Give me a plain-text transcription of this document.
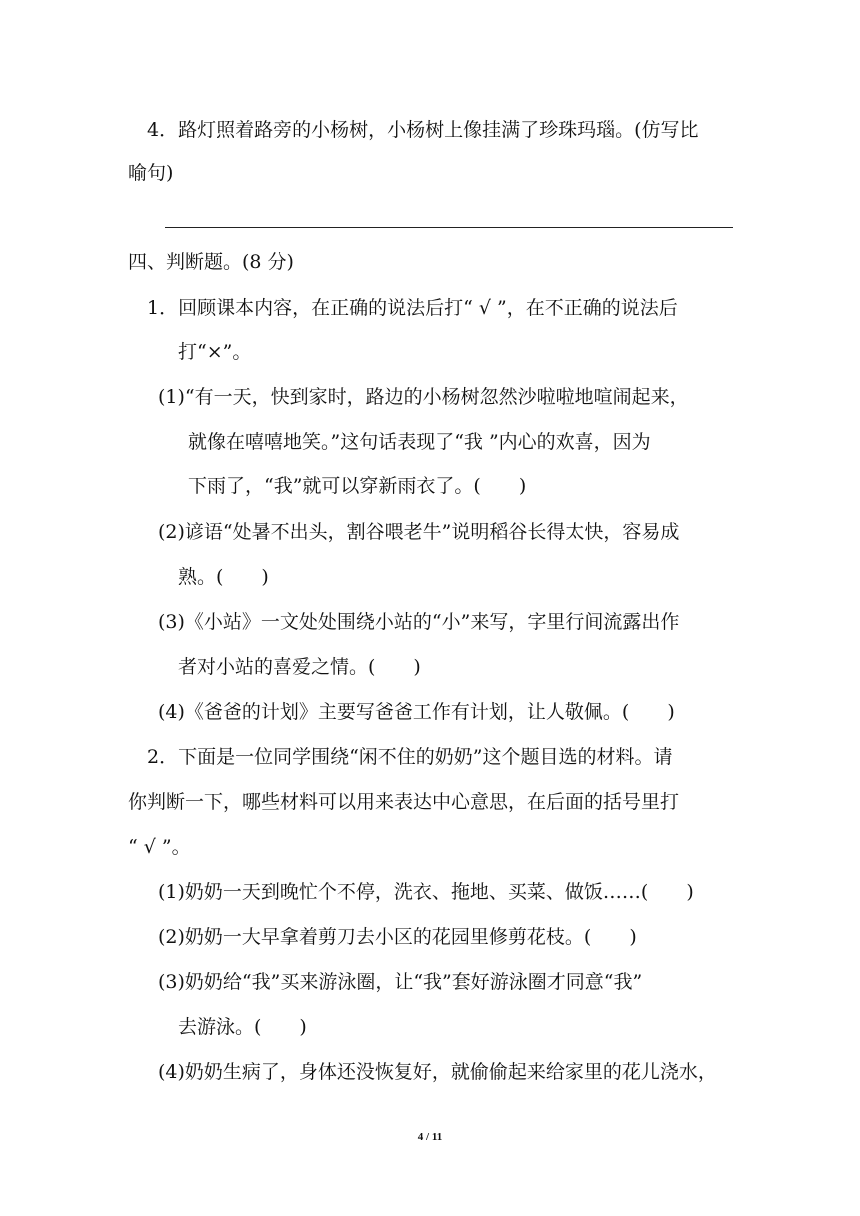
4．路灯照着路旁的小杨树，小杨树上像挂满了珍珠玛瑙。(仿写比

喻句)

四、判断题。(8 分)

1．回顾课本内容，在正确的说法后打“ √ ”，在不正确的说法后

打“×”。

(1)“有一天，快到家时，路边的小杨树忽然沙啦啦地喧闹起来，

就像在嘻嘻地笑。”这句话表现了“我 ”内心的欢喜，因为

下雨了，“我”就可以穿新雨衣了。(　　)

(2)谚语“处暑不出头，割谷喂老牛”说明稻谷长得太快，容易成

熟。(　　)

(3)《小站》一文处处围绕小站的“小”来写，字里行间流露出作

者对小站的喜爱之情。(　　)

(4)《爸爸的计划》主要写爸爸工作有计划，让人敬佩。(　　)

2．下面是一位同学围绕“闲不住的奶奶”这个题目选的材料。请

你判断一下，哪些材料可以用来表达中心意思，在后面的括号里打

“ √ ”。

(1)奶奶一天到晚忙个不停，洗衣、拖地、买菜、做饭……(　　)

(2)奶奶一大早拿着剪刀去小区的花园里修剪花枝。(　　)

(3)奶奶给“我”买来游泳圈，让“我”套好游泳圈才同意“我”

去游泳。(　　)

(4)奶奶生病了，身体还没恢复好，就偷偷起来给家里的花儿浇水，

4 / 11
